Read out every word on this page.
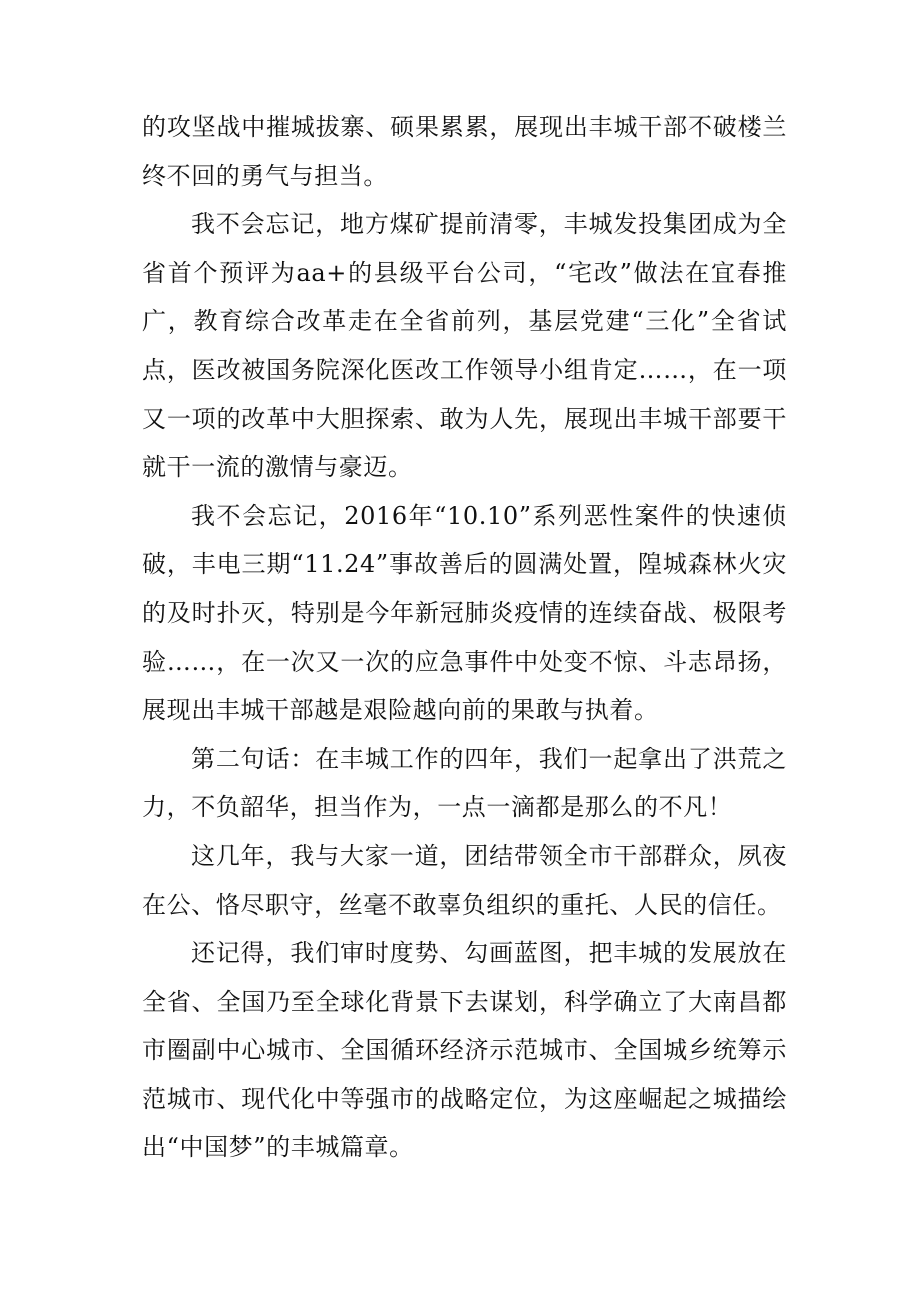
的攻坚战中摧城拔寨、硕果累累，展现出丰城干部不破楼兰终不回的勇气与担当。

我不会忘记，地方煤矿提前清零，丰城发投集团成为全省首个预评为aa+的县级平台公司，“宅改”做法在宜春推广，教育综合改革走在全省前列，基层党建“三化”全省试点，医改被国务院深化医改工作领导小组肯定……，在一项又一项的改革中大胆探索、敢为人先，展现出丰城干部要干就干一流的激情与豪迈。

我不会忘记，2016年“10.10”系列恶性案件的快速侦破，丰电三期“11.24”事故善后的圆满处置，隍城森林火灾的及时扑灭，特别是今年新冠肺炎疫情的连续奋战、极限考验……，在一次又一次的应急事件中处变不惊、斗志昂扬，展现出丰城干部越是艰险越向前的果敢与执着。

第二句话：在丰城工作的四年，我们一起拿出了洪荒之力，不负韶华，担当作为，一点一滴都是那么的不凡！

这几年，我与大家一道，团结带领全市干部群众，夙夜在公、恪尽职守，丝毫不敢辜负组织的重托、人民的信任。

还记得，我们审时度势、勾画蓝图，把丰城的发展放在全省、全国乃至全球化背景下去谋划，科学确立了大南昌都市圈副中心城市、全国循环经济示范城市、全国城乡统筹示范城市、现代化中等强市的战略定位，为这座崛起之城描绘出“中国梦”的丰城篇章。
